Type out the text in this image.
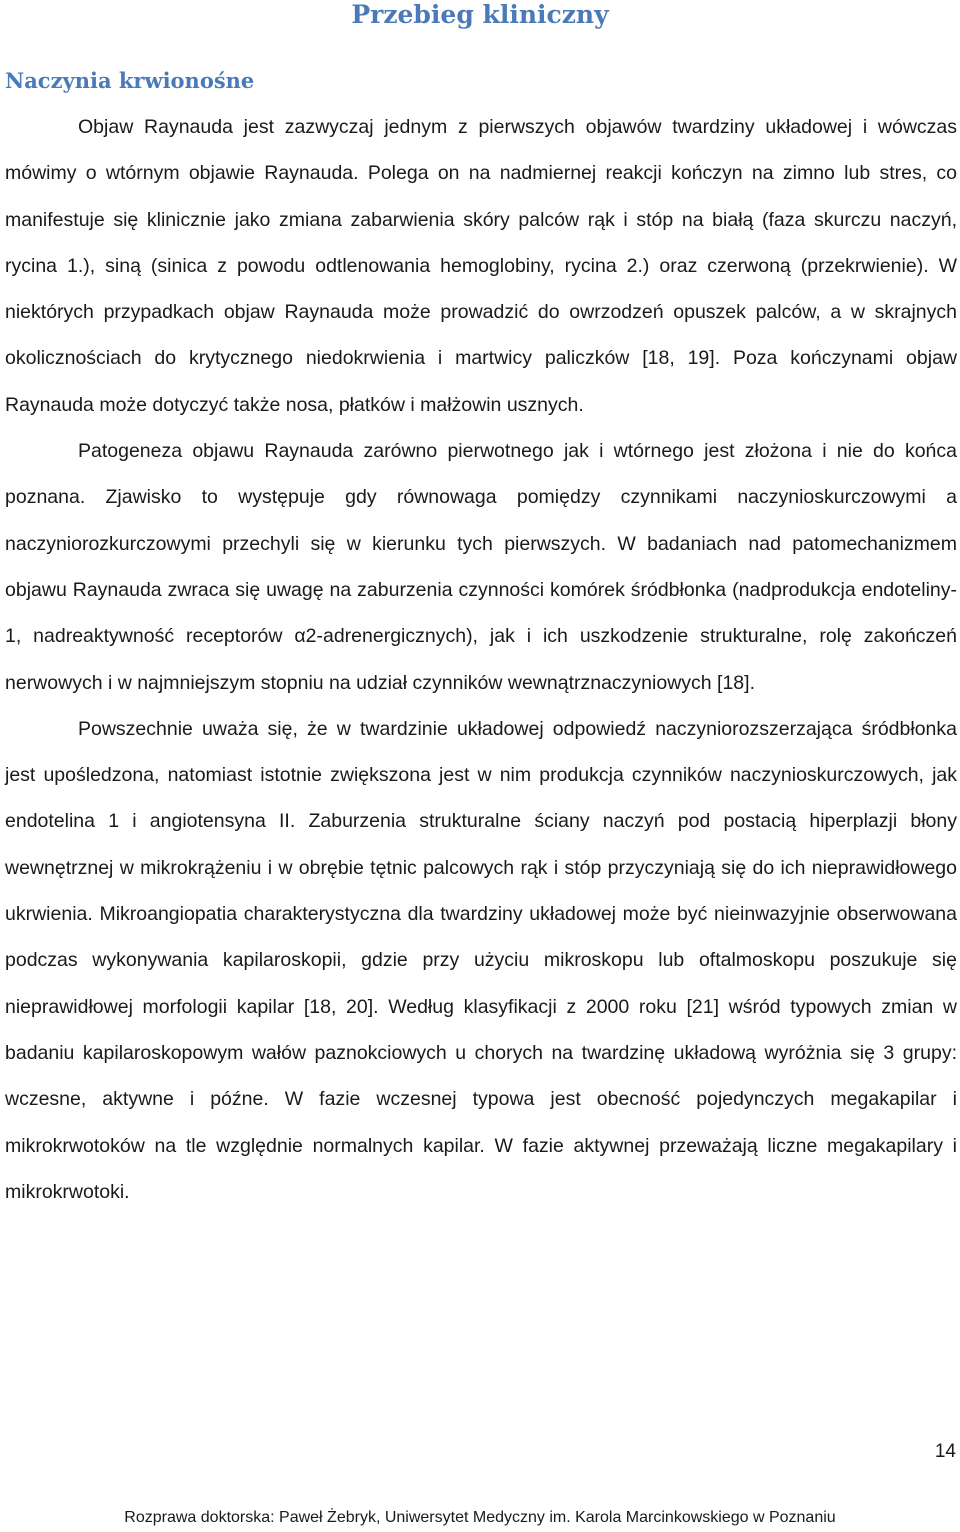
Przebieg kliniczny
Naczynia krwionośne

Objaw Raynauda jest zazwyczaj jednym z pierwszych objawów twardziny układowej i wówczas mówimy o wtórnym objawie Raynauda. Polega on na nadmiernej reakcji kończyn na zimno lub stres, co manifestuje się klinicznie jako zmiana zabarwienia skóry palców rąk i stóp na białą (faza skurczu naczyń, rycina 1.), siną (sinica z powodu odtlenowania hemoglobiny, rycina 2.) oraz czerwoną (przekrwienie). W niektórych przypadkach objaw Raynauda może prowadzić do owrzodzeń opuszek palców, a w skrajnych okolicznościach do krytycznego niedokrwienia i martwicy paliczków [18, 19]. Poza kończynami objaw Raynauda może dotyczyć także nosa, płatków i małżowin usznych.

Patogeneza objawu Raynauda zarówno pierwotnego jak i wtórnego jest złożona i nie do końca poznana. Zjawisko to występuje gdy równowaga pomiędzy czynnikami naczynioskurczowymi a naczyniorozkurczowymi przechyli się w kierunku tych pierwszych. W badaniach nad patomechanizmem objawu Raynauda zwraca się uwagę na zaburzenia czynności komórek śródbłonka (nadprodukcja endoteliny-1, nadreaktywność receptorów α2-adrenergicznych), jak i ich uszkodzenie strukturalne, rolę zakończeń nerwowych i w najmniejszym stopniu na udział czynników wewnątrznaczyniowych [18].

Powszechnie uważa się, że w twardzinie układowej odpowiedź naczyniorozszerzająca śródbłonka jest upośledzona, natomiast istotnie zwiększona jest w nim produkcja czynników naczynioskurczowych, jak endotelina 1 i angiotensyna II. Zaburzenia strukturalne ściany naczyń pod postacią hiperplazji błony wewnętrznej w mikrokrążeniu i w obrębie tętnic palcowych rąk i stóp przyczyniają się do ich nieprawidłowego ukrwienia. Mikroangiopatia charakterystyczna dla twardziny układowej może być nieinwazyjnie obserwowana podczas wykonywania kapilaroskopii, gdzie przy użyciu mikroskopu lub oftalmoskopu poszukuje się nieprawidłowej morfologii kapilar [18, 20]. Według klasyfikacji z 2000 roku [21] wśród typowych zmian w badaniu kapilaroskopowym wałów paznokciowych u chorych na twardzinę układową wyróżnia się 3 grupy: wczesne, aktywne i późne. W fazie wczesnej typowa jest obecność pojedynczych megakapilar i mikrokrwotoków na tle względnie normalnych kapilar. W fazie aktywnej przeważają liczne megakapilary i mikrokrwotoki.

14

Rozprawa doktorska: Paweł Żebryk, Uniwersytet Medyczny im. Karola Marcinkowskiego w Poznaniu
